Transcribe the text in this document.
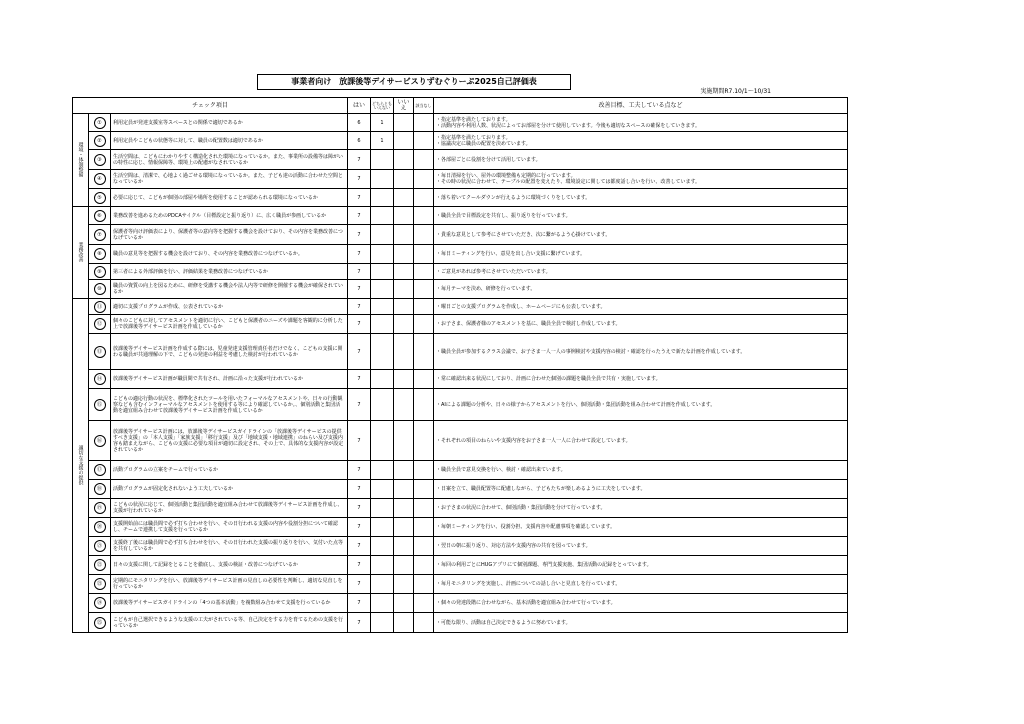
事業者向け　放課後等デイサービスりずむぐりーぷ2025自己評価表
実施期間R7.10/1～10/31
チェック項目			はい	どちらとも いえない	いいえ	該当なし	改善目標、工夫している点など
環境・体制整備	①	利用定員が発達支援室等スペースとの関係で適切であるか	6	1			・指定基準を満たしております。
・活動内容や利用人数、状況によってお部屋を分けて使用しています。今後も適切なスペースの確保をしていきます。
	②	利用定員やこどもの状態等に対して、職員の配置数は適切であるか	6	1			・指定基準を満たしております。
・協議决定に職員の配置を決めています。
	③	生活空間は、こどもにわかりやすく構造化された環境になっているか。また、事業所の設備等は障がいの特性に応じ、情報保障等、環境上の配慮がなされているか	7				・各部屋ごとに役割を分けて活用しています。
	④	生活空間は、清潔で、心地よく過ごせる環境になっているか。また、子ども達の活動に合わせた空間となっているか	7				・毎日清掃を行い、屋外の環境整備も定期的に行っています。
・その時の状況に合わせて、テーブルの配置を変えたり、環境設定に関しては都度話し合いを行い、改善しています。
	⑤	必要に応じて、こどもが個別の部屋や場所を使用することが認められる環境になっているか	7				・落ち着いてクールダウンが行えるように環境づくりをしています。
業務改善	⑥	業務改善を進めるためのPDCAサイクル（目標設定と振り返り）に、広く職員が参画しているか	7				・職員全員で目標設定を共有し、振り返りを行っています。
	⑦	保護者等向け評価表により、保護者等の意向等を把握する機会を設けており、その内容を業務改善につなげているか	7				・貴重な意見として参考にさせていただき、次に繋がるよう心掛けています。
	⑧	職員の意見等を把握する機会を設けており、その内容を業務改善につなげているか。	7				・毎日ミーティングを行い、意見を出し合い支援に繋げています。
	⑨	第三者による外部評価を行い、評価結果を業務改善につなげているか	7				・ご意見があれば参考にさせていただいています。
	⑩	職員の資質の向上を図るために、研修を受講する機会や法人内等で研修を開催する機会が確保されているか	7				・毎月テーマを決め、研修を行っています。
適切な支援の提供	⑪	適切に支援プログラムが作成、公表されているか	7				・曜日ごとの支援プログラムを作成し、ホームページにも公表しています。
	⑫	個々のこどもに対してアセスメントを適切に行い、こどもと保護者のニーズや課題を客観的に分析した上で放課後等デイサービス計画を作成しているか	7				・お子さま、保護者様のアセスメントを基に、職員全員で検討し作成しています。
	⑬	放課後等デイサービス計画を作成する際には、児童発達支援管理責任者だけでなく、こどもの支援に関わる職員が共通理解の下で、こどもの発達の利益を考慮した検討が行われているか	7				・職員全員が参加するクラス会議で、お子さま一人一人の事例検討や支援内容の検討・確認を行ったうえで新たな計画を作成しています。
	⑭	放課後等デイサービス計画が職員間で共有され、計画に沿った支援が行われているか	7				・常に確認出来る状況にしており、計画に合わせた個別の課題を職員全員で共有・実施しています。
	⑮	こどもの適応行動の状況を、標準化されたツールを用いたフォーマルなアセスメントや、日々の行動観察なども含むインフォーマルなアセスメントを使用する等により確認しているか。、個別活動と集団活動を適宜組み合わせて放課後等デイサービス計画を作成しているか	7				・AIによる課題の分析や、日々の様子からアセスメントを行い、個別活動・集団活動を組み合わせて計画を作成しています。
	⑯	放課後等デイサービス計画には、放課後等デイサービスガイドラインの「放課後等デイサービスの提供すべき支援」の「本人支援」「家族支援」「移行支援」及び「地域支援・地域連携」のねらい及び支援内容も踏まえながら、こどもの支援に必要な項目が適切に設定され、その上で、具体的な支援内容が設定されているか	7				・それぞれの項目のねらいや支援内容をお子さま一人一人に合わせて設定しています。
	⑰	活動プログラムの立案をチームで行っているか	7				・職員全員で意見交換を行い、検討・確認出来ています。
	⑱	活動プログラムが固定化されないよう工夫しているか	7				・日案を立て、職員配置等に配慮しながら、子どもたちが楽しめるように工夫をしています。
	⑲	こどもの状況に応じて、個別活動と集団活動を適宜組み合わせて放課後等デイサービス計画を作成し、支援が行われているか	7				・お子さまの状況に合わせて、個別活動・集団活動を分けて行っています。
	⑳	支援開始前には職員間で必ず打ち合わせを行い、その日行われる支援の内容や役割分担について確認し、チームで連携して支援を行っているか	7				・毎朝ミーティングを行い、役割分担、支援内容や配慮事項を確認しています。
	㉑	支援終了後には職員間で必ず打ち合わせを行い、その日行われた支援の振り返りを行い、気付いた点等を共有しているか	7				・翌日の朝に振り返り、対応方法や支援内容の共有を図っています。
	㉒	日々の支援に関して記録をとることを徹底し、支援の検証・改善につなげているか	7				・毎回の利用ごとにHUGアプリにて個別課題、専門支援実施、集団活動の記録をとっています。
	㉓	定期的にモニタリングを行い、放課後等デイサービス計画の見直しの必要性を判断し、適切な見直しを行っているか	7				・毎月モニタリングを実施し、計画についての話し合いと見直しを行っています。
	㉔	放課後等デイサービスガイドラインの「4つの基本活動」を複数組み合わせて支援を行っているか	7				・個々の発達段階に合わせながら、基本活動を適宜組み合わせて行っています。
	㉕	こどもが自己選択できるような支援の工夫がされている等、自己決定をする力を育てるための支援を行っているか	7				・可能な限り、活動は自己決定できるように努めています。
